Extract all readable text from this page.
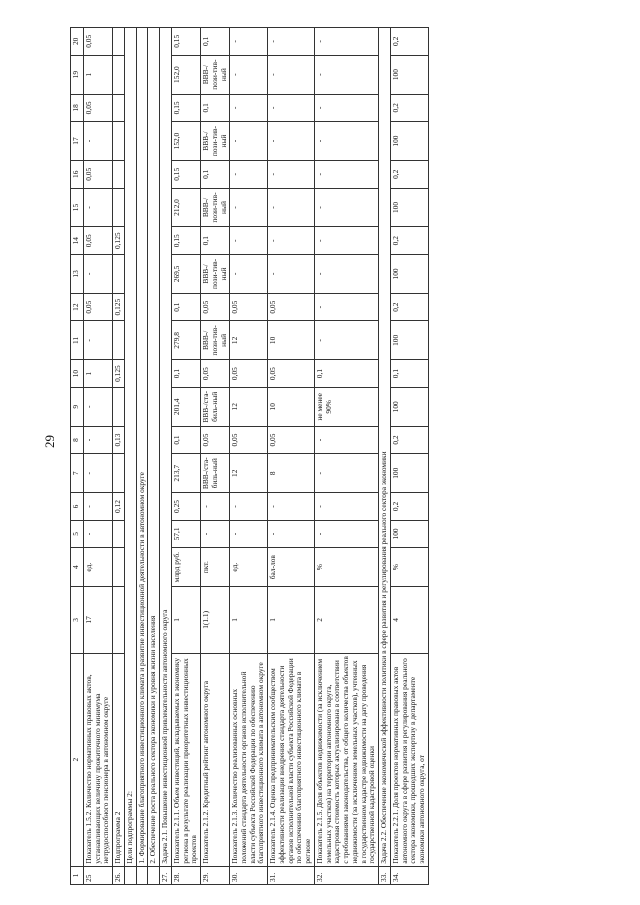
29
1	2	3	4	5	6	7	8	9	10	11	12	13	14	15	16	17	18	19	20
25	Показатель 1.5.2. Количество нормативных правовых актов, устанавливающих величину прожиточного минимума нетрудоспособного пенсионера в автономном округе	17	ед.	-	-	-	-	-	1	-	0,05	-	0,05	-	0,05	-	0,05	1	0,05
26.	Подпрограмма 2				0,12		0,13		0,125		0,125		0,125						
	Цели подпрограммы 2:																		
	1. Формирование благоприятного инвестиционного климата и развитие инвестиционной деятельности в автономном округе																		
	2. Обеспечение роста реального сектора экономики и уровня жизни населения																		
27.	Задача 2.1. Повышение инвестиционной привлекательности автономного округа																		
28.	Показатель 2.1.1. Объем инвестиций, вкладываемых в экономику региона в результате реализации приоритетных инвестиционных проектов	1	млрд руб.	57,1	0,25	213,7	0,1	201,4	0,1	279,8	0,1	269,5	0,15	212,0	0,15	152,0	0,15	152,0	0,15
29.	Показатель 2.1.2. Кредитный рейтинг автономного округа	1(1.1)	пкт.	-	-	ВВВ-/ста-биль-ный	0,05	ВВВ-/ста-биль-ный	0,05	ВВВ-/пози-тив-ный	0,05	ВВВ-/пози-тив-ный	0,1	ВВВ-/пози-тив-ный	0,1	ВВВ-/пози-тив-ный	0,1	ВВВ-/пози-тив-ный	0,1
30.	Показатель 2.1.3. Количество реализованных основных положений стандарта деятельности органов исполнительной власти субъекта Российской Федерации по обеспечению благоприятного инвестиционного климата в автономном округе	1	ед.	-	-	12	0,05	12	0,05	12	0,05	-	-	-	-	-	-	-	-
31.	Показатель 2.1.4. Оценка предпринимательским сообществом эффективности реализации внедрения стандарта деятельности органов исполнительной власти субъекта Российской Федерации по обеспечению благоприятного инвестиционного климата в регионе	1	бал-лов	-	-	8	0,05	10	0,05	10	0,05	-	-	-	-	-	-	-	-
32.	Показатель 2.1.5. Доля объектов недвижимости (за исключением земельных участков) на территории автономного округа, кадастровая стоимость которых актуализирована в соответствии с требованиями законодательства, от общего количества объектов недвижимости (за исключением земельных участков), учтенных в государственном кадастре недвижимости на дату проведения государственной кадастровой оценки	2	%	-	-	-	-	не менее 90%	0,1	-	-	-	-	-	-	-	-	-	-
33.	Задача 2.2. Обеспечение экономической эффективности политики в сфере развития и регулирования реального сектора экономики																		
34.	Показатель 2.2.1. Доля проектов нормативных правовых актов автономного округа в сфере развития и регулирования реального сектора экономики, прошедших экспертизу в департаменте экономики автономного округа, от	4	%	100	0,2	100	0,2	100	0,1	100	0,2	100	0,2	100	0,2	100	0,2	100	0,2
